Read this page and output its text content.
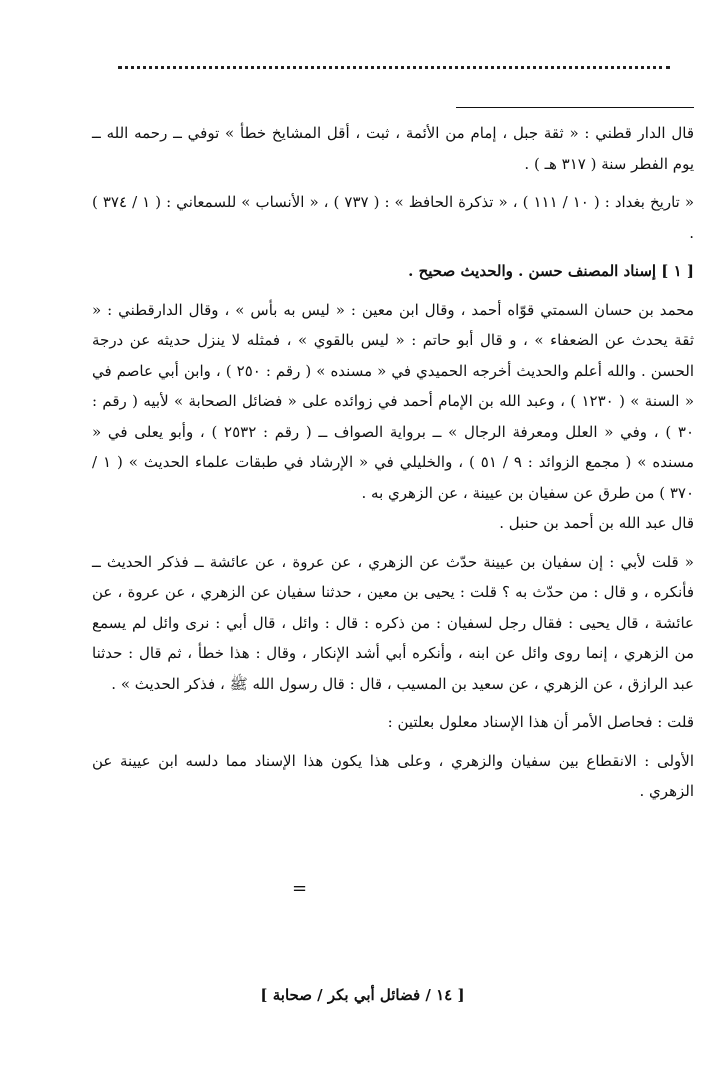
قال الدار قطني : « ثقة جبل ، إمام من الأئمة ، ثبت ، أقل المشايخ خطأ » توفي ــ رحمه الله ــ يوم الفطر سنة ( ٣١٧ هـ ) .

« تاريخ بغداد : ( ١٠ / ١١١ ) ، « تذكرة الحافظ » : ( ٧٣٧ ) ، « الأنساب » للسمعاني : ( ١ / ٣٧٤ ) .

[ ١ ] إسناد المصنف حسن . والحديث صحيح .

محمد بن حسان السمتي قوّاه أحمد ، وقال ابن معين : « ليس به بأس » ، وقال الدارقطني : « ثقة يحدث عن الضعفاء » ، و قال أبو حاتم : « ليس بالقوي » ، فمثله لا ينزل حديثه عن درجة الحسن . والله أعلم والحديث أخرجه الحميدي في « مسنده » ( رقم : ٢٥٠ ) ، وابن أبي عاصم في « السنة » ( ١٢٣٠ ) ، وعبد الله بن الإمام أحمد في زوائده على « فضائل الصحابة » لأبيه ( رقم : ٣٠ ) ، وفي « العلل ومعرفة الرجال » ــ برواية الصواف ــ ( رقم : ٢٥٣٢ ) ، وأبو يعلى في « مسنده » ( مجمع الزوائد : ٩ / ٥١ ) ، والخليلي في « الإرشاد في طبقات علماء الحديث » ( ١ / ٣٧٠ ) من طرق عن سفيان بن عيينة ، عن الزهري به .

قال عبد الله بن أحمد بن حنبل .

« قلت لأبي : إن سفيان بن عيينة حدّث عن الزهري ، عن عروة ، عن عائشة ــ فذكر الحديث ــ فأنكره ، و قال : من حدّث به ؟ قلت : يحيى بن معين ، حدثنا سفيان عن الزهري ، عن عروة ، عن عائشة ، قال يحيى : فقال رجل لسفيان : من ذكره : قال : وائل ، قال أبي : نرى وائل لم يسمع من الزهري ، إنما روى وائل عن ابنه ، وأنكره أبي أشد الإنكار ، وقال : هذا خطأ ، ثم قال : حدثنا عبد الرازق ، عن الزهري ، عن سعيد بن المسيب ، قال : قال رسول الله ﷺ ، فذكر الحديث » .

قلت : فحاصل الأمر أن هذا الإسناد معلول بعلتين :

الأولى : الانقطاع بين سفيان والزهري ، وعلى هذا يكون هذا الإسناد مما دلسه ابن عيينة عن الزهري .

=
[ ١٤ / فضائل أبي بكر / صحابة ]
